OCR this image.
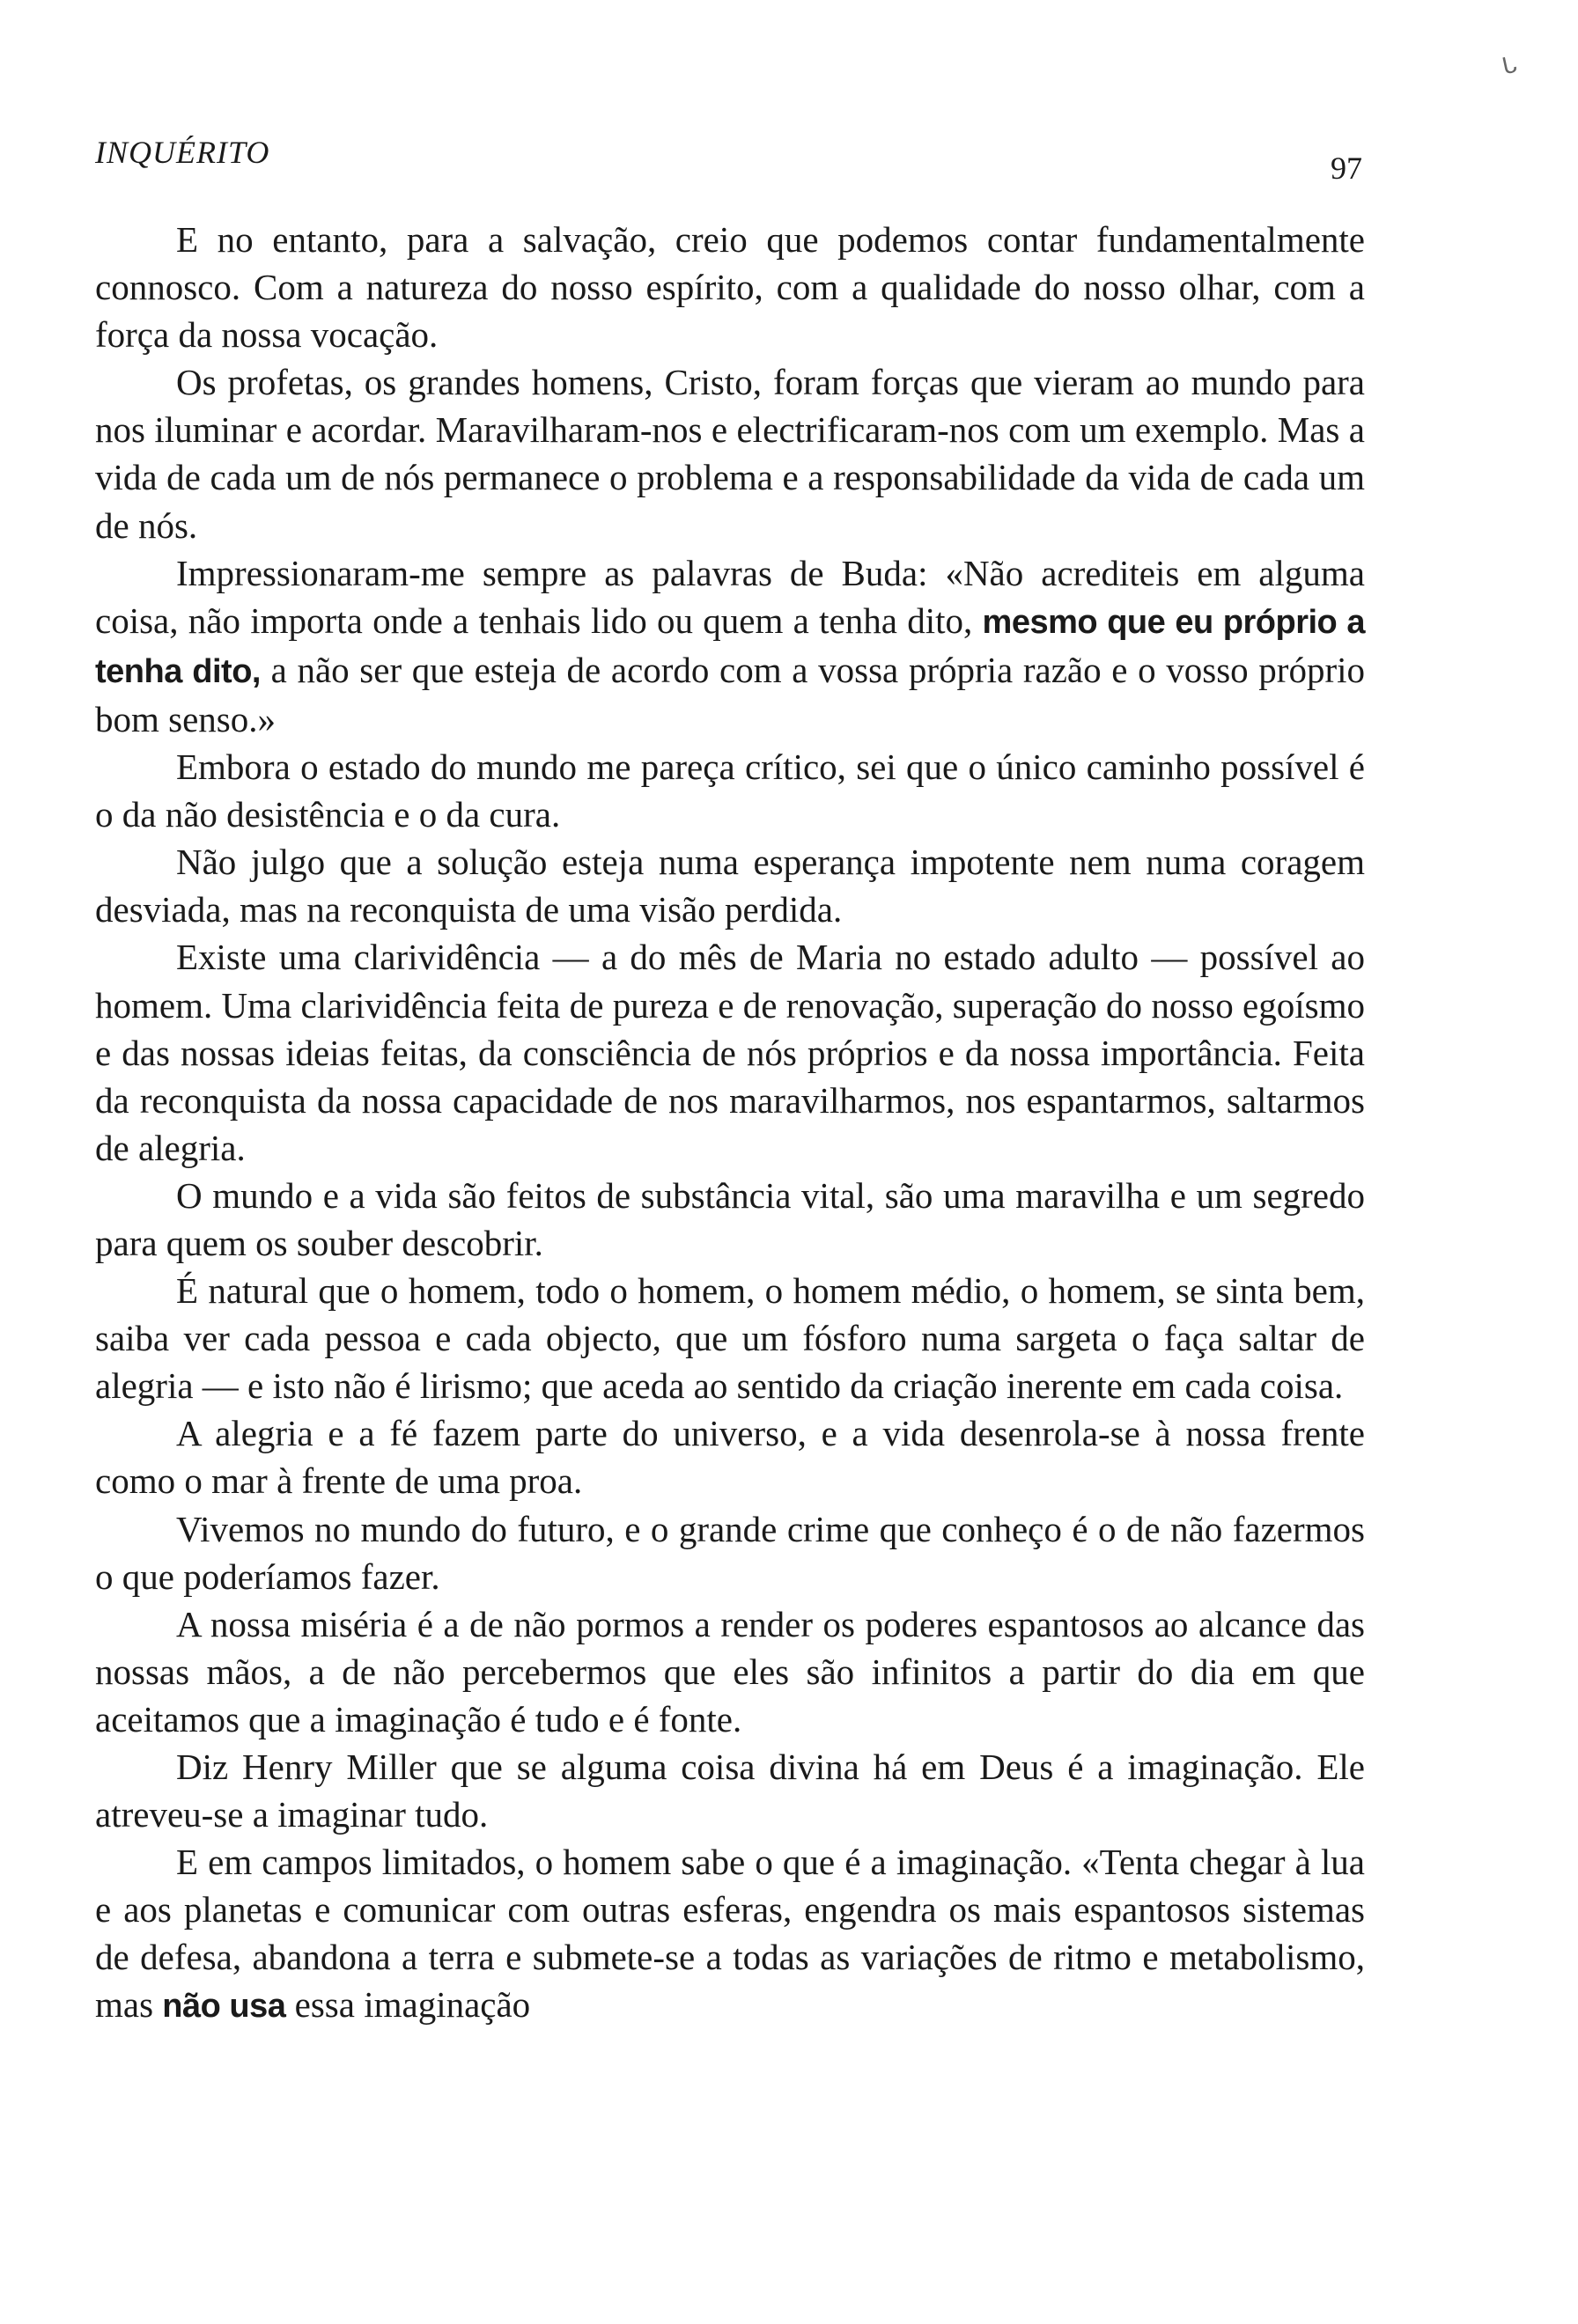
ᒐ
INQUÉRITO	97

E no entanto, para a salvação, creio que podemos contar fundamentalmente connosco. Com a natureza do nosso espírito, com a qualidade do nosso olhar, com a força da nossa vocação.

Os profetas, os grandes homens, Cristo, foram forças que vieram ao mundo para nos iluminar e acordar. Maravilharam-nos e electrificaram-nos com um exemplo. Mas a vida de cada um de nós permanece o problema e a responsabilidade da vida de cada um de nós.

Impressionaram-me sempre as palavras de Buda: «Não acrediteis em alguma coisa, não importa onde a tenhais lido ou quem a tenha dito, mesmo que eu próprio a tenha dito, a não ser que esteja de acordo com a vossa própria razão e o vosso próprio bom senso.»

Embora o estado do mundo me pareça crítico, sei que o único caminho possível é o da não desistência e o da cura.

Não julgo que a solução esteja numa esperança impotente nem numa coragem desviada, mas na reconquista de uma visão perdida.

Existe uma clarividência — a do mês de Maria no estado adulto — possível ao homem. Uma clarividência feita de pureza e de renovação, superação do nosso egoísmo e das nossas ideias feitas, da consciência de nós próprios e da nossa importância. Feita da reconquista da nossa capacidade de nos maravilharmos, nos espantarmos, saltarmos de alegria.

O mundo e a vida são feitos de substância vital, são uma maravilha e um segredo para quem os souber descobrir.

É natural que o homem, todo o homem, o homem médio, o homem, se sinta bem, saiba ver cada pessoa e cada objecto, que um fósforo numa sargeta o faça saltar de alegria — e isto não é lirismo; que aceda ao sentido da criação inerente em cada coisa.

A alegria e a fé fazem parte do universo, e a vida desenrola-se à nossa frente como o mar à frente de uma proa.

Vivemos no mundo do futuro, e o grande crime que conheço é o de não fazermos o que poderíamos fazer.

A nossa miséria é a de não pormos a render os poderes espantosos ao alcance das nossas mãos, a de não percebermos que eles são infinitos a partir do dia em que aceitamos que a imaginação é tudo e é fonte.

Diz Henry Miller que se alguma coisa divina há em Deus é a imaginação. Ele atreveu-se a imaginar tudo.

E em campos limitados, o homem sabe o que é a imaginação. «Tenta chegar à lua e aos planetas e comunicar com outras esferas, engendra os mais espantosos sistemas de defesa, abandona a terra e submete-se a todas as variações de ritmo e metabolismo, mas não usa essa imaginação
